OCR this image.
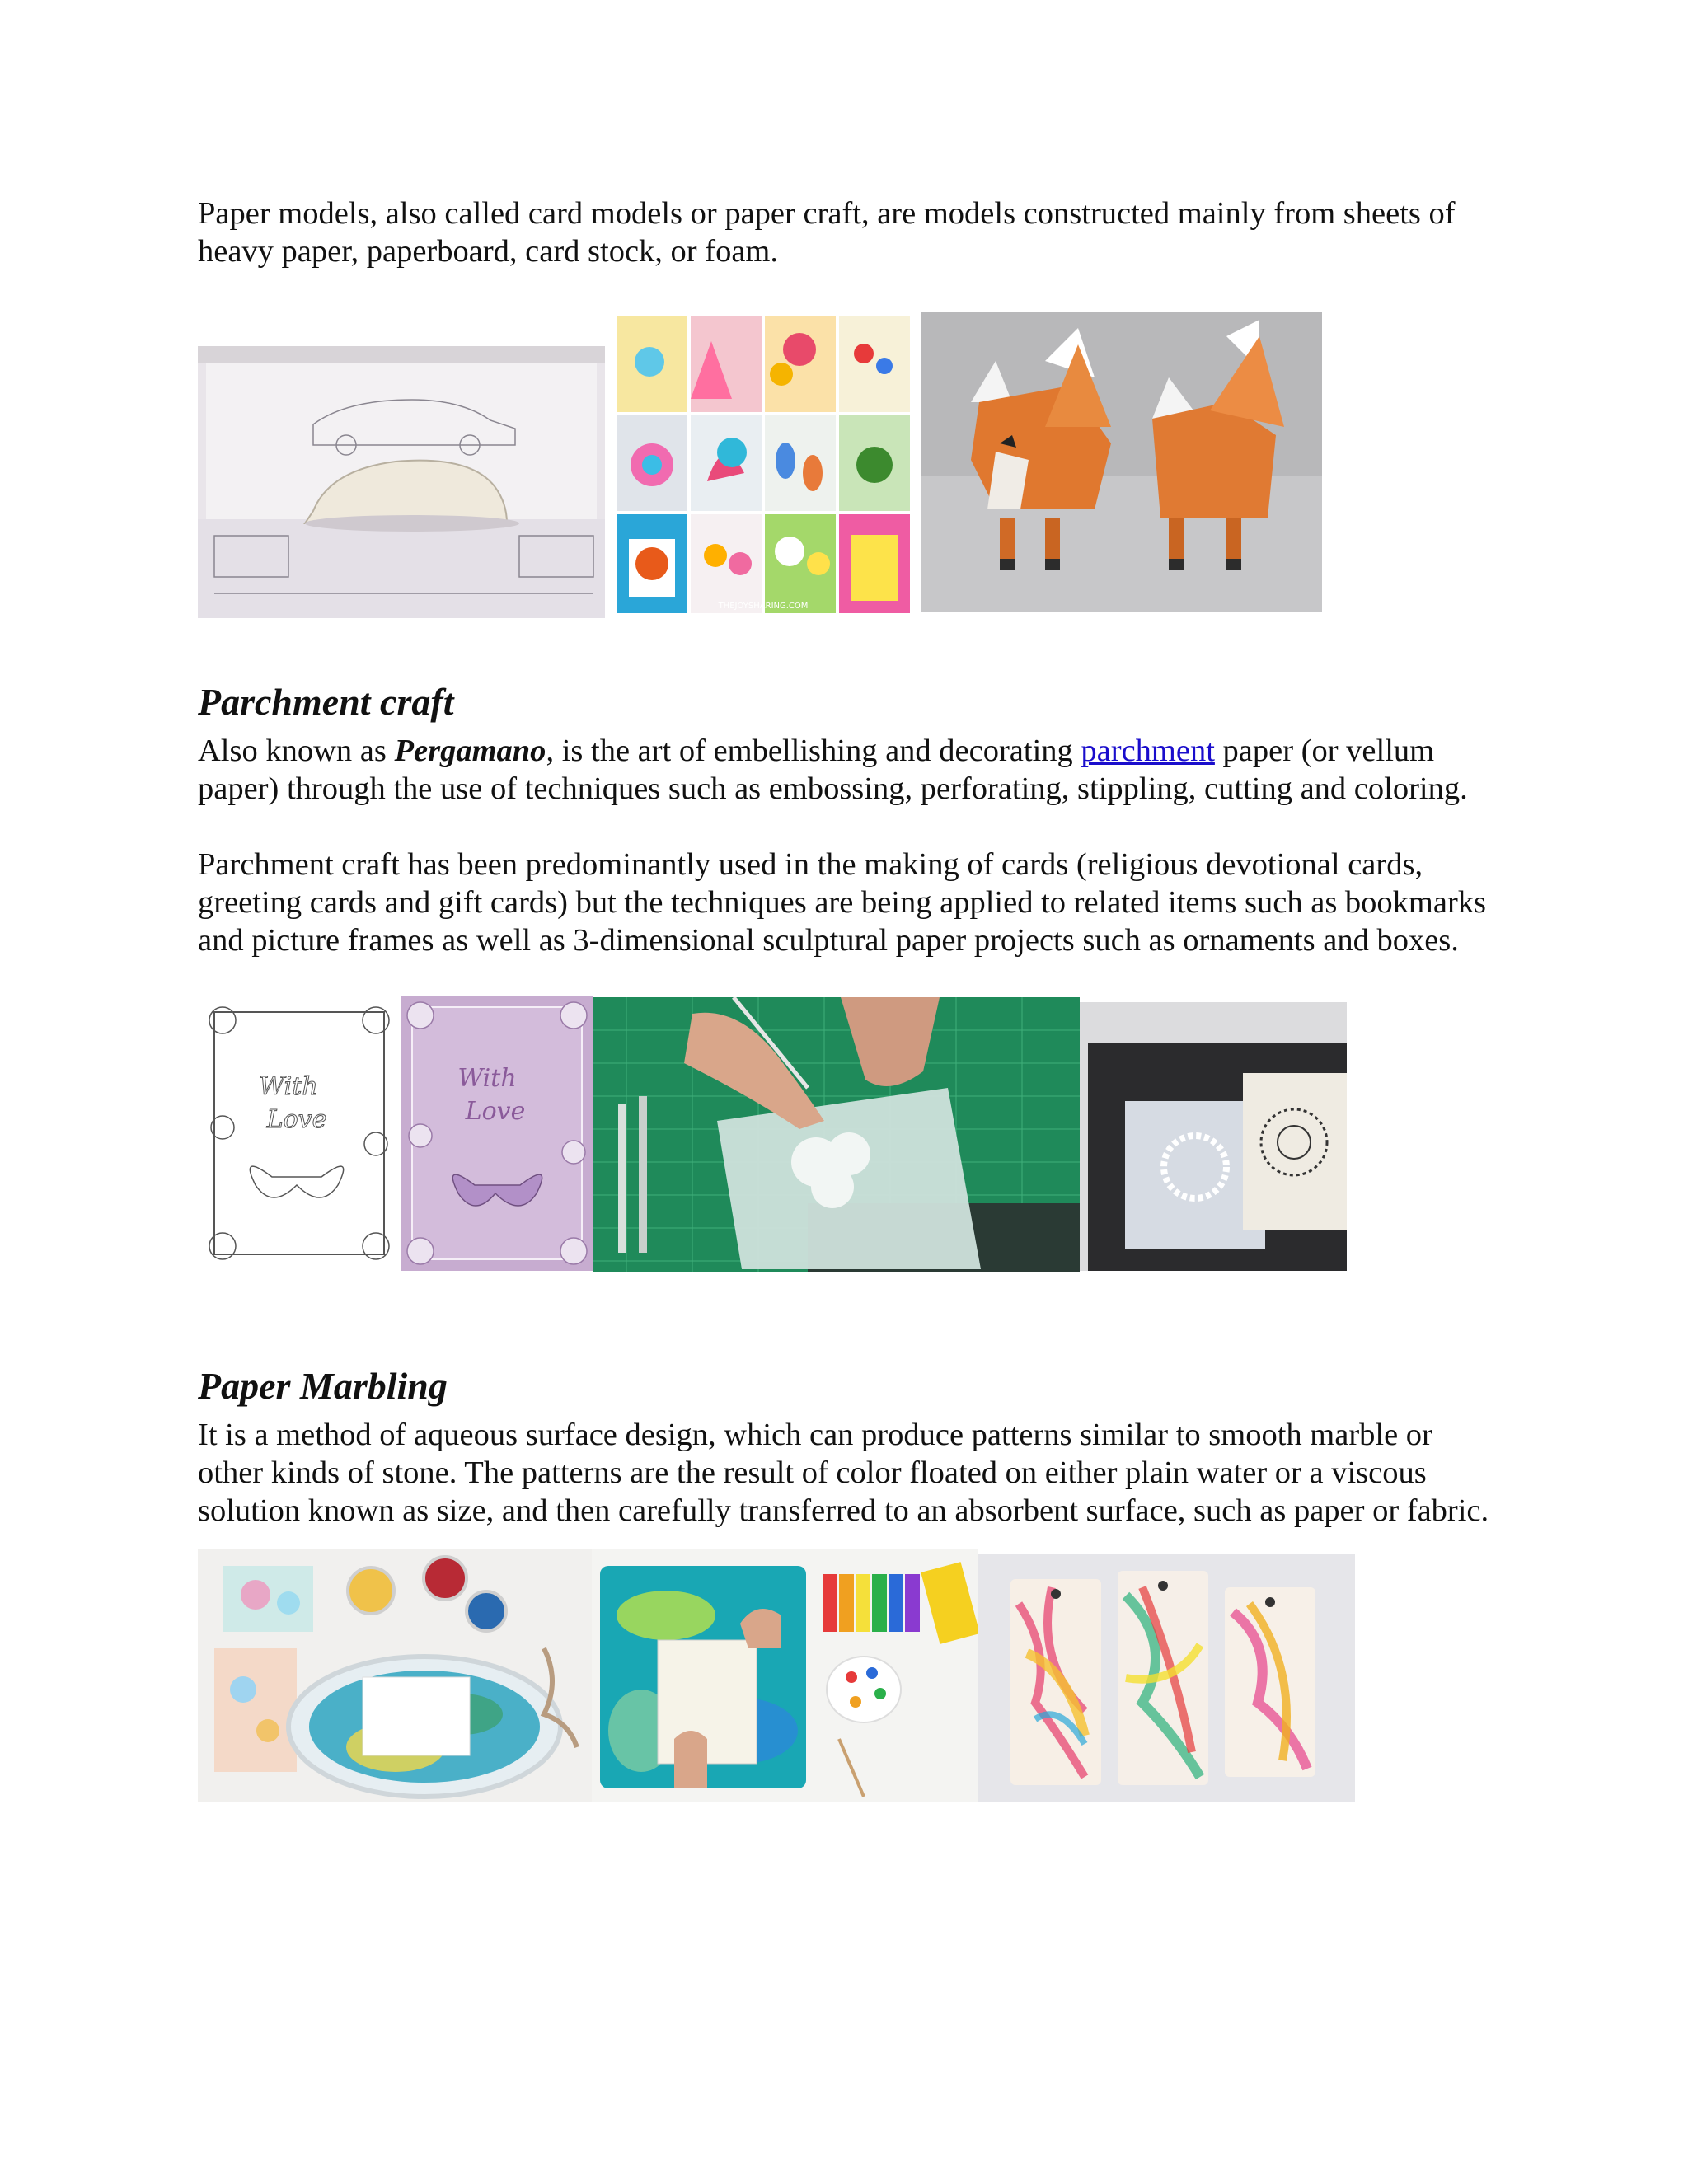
Paper models, also called card models or paper craft, are models constructed mainly from sheets of heavy paper, paperboard, card stock, or foam.

THEJOYSHARING.COM
Parchment craft

Also known as Pergamano, is the art of embellishing and decorating parchment paper (or vellum paper) through the use of techniques such as embossing, perforating, stippling, cutting and coloring.

Parchment craft has been predominantly used in the making of cards (religious devotional cards, greeting cards and gift cards) but the techniques are being applied to related items such as bookmarks and picture frames as well as 3-dimensional sculptural paper projects such as ornaments and boxes.

With
Love
With
Love
Paper Marbling

It is a method of aqueous surface design, which can produce patterns similar to smooth marble or other kinds of stone. The patterns are the result of color floated on either plain water or a viscous solution known as size, and then carefully transferred to an absorbent surface, such as paper or fabric.
